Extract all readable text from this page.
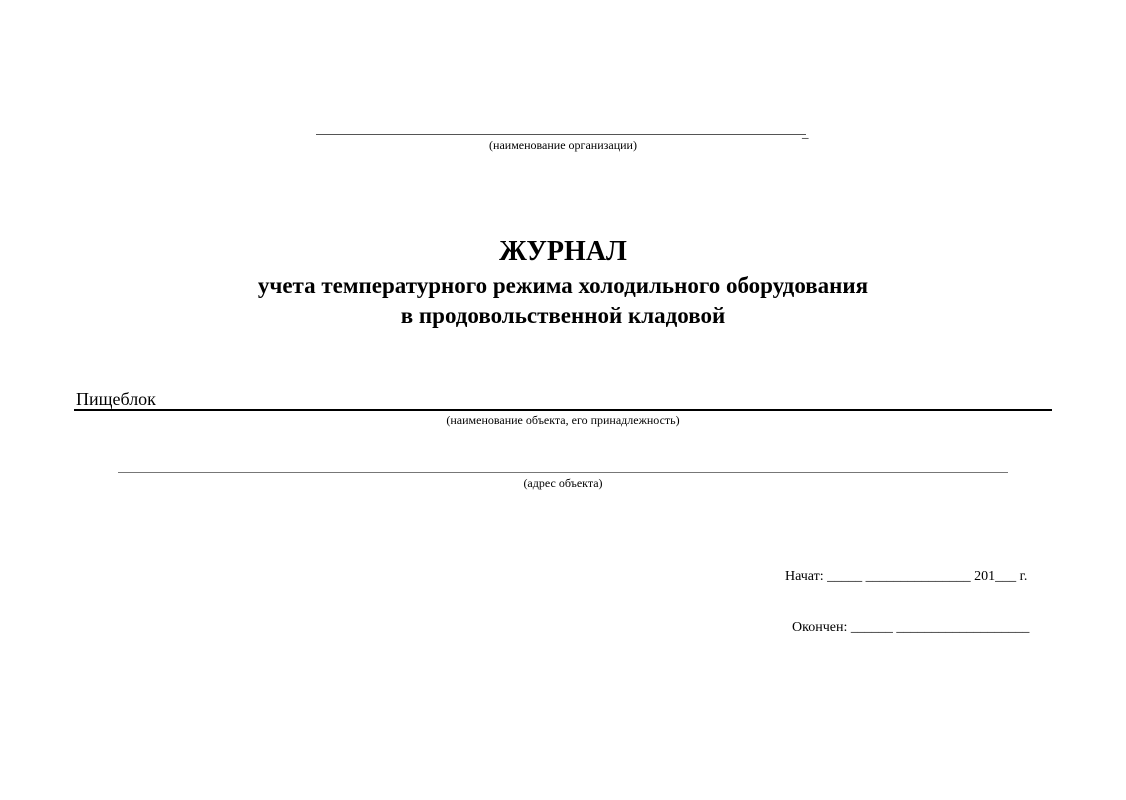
_
(наименование организации)
ЖУРНАЛ
учета температурного режима холодильного оборудования
в продовольственной кладовой
Пищеблок
(наименование объекта, его принадлежность)
(адрес объекта)
Начат: _____ _______________ 201___ г.
Окончен: ______ ___________________
